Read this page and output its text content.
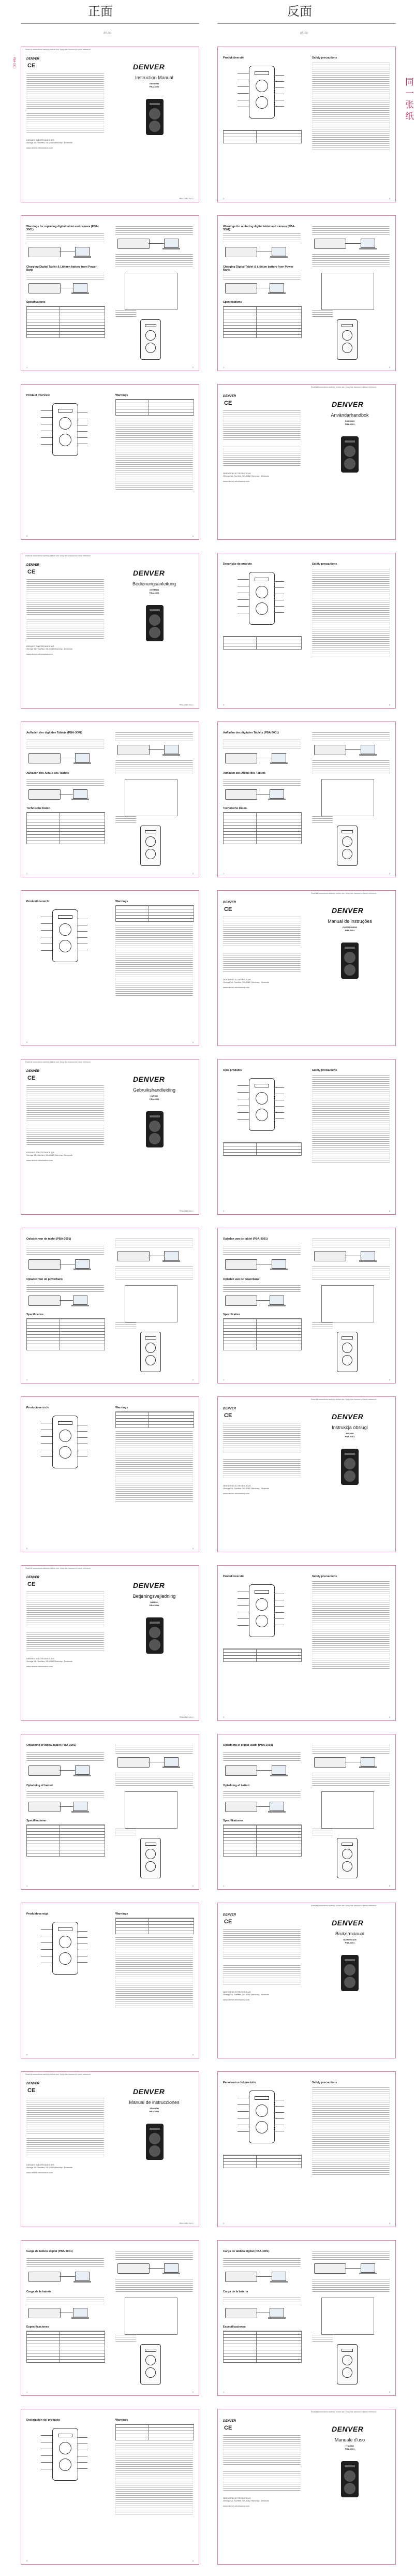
正面	反面
85.00	85.00
同
一
张
纸
PBA-3001
Read all instructions carefully before use. Keep this manual for future reference.
DENVER
Instruction Manual
ENGLISH
PBA-3001
DENVER
CE
DENVER ELECTRONICS A/S
Omega 5A, Soeften, DK-8382 Hinnerup, Denmark
www.denver-electronics.com
PBA-3001 84-1
Warnings for replacing digital tablet and camera (PBA-3001)
Charging Digital Tablet & Lithium battery from Power Bank
Specifications
1	2
Product overview	Warnings
3	4
Read all instructions carefully before use. Keep this manual for future reference.
DENVER
Bedienungsanleitung
GERMAN
PBA-3001
DENVER
CE
DENVER ELECTRONICS A/S
Omega 5A, Soeften, DK-8382 Hinnerup, Denmark
www.denver-electronics.com
PBA-3001 84-1
Aufladen des digitalen Tablets (PBA-3001)
Aufladen des Akkus des Tablets
Technische Daten
1	2
Produktübersicht	Warnings
3	4
Read all instructions carefully before use. Keep this manual for future reference.
DENVER
Gebruikshandleiding
DUTCH
PBA-3001
DENVER
CE
DENVER ELECTRONICS A/S
Omega 5A, Soeften, DK-8382 Hinnerup, Denmark
www.denver-electronics.com
PBA-3001 84-1
Opladen van de tablet (PBA-3001)
Opladen van de powerbank
Specificaties
1	2
Productoverzicht	Warnings
3	4
Read all instructions carefully before use. Keep this manual for future reference.
DENVER
Betjeningsvejledning
DANISH
PBA-3001
DENVER
CE
DENVER ELECTRONICS A/S
Omega 5A, Soeften, DK-8382 Hinnerup, Denmark
www.denver-electronics.com
PBA-3001 84-1
Opladning af digital tablet (PBA-3001)
Opladning af batteri
Specifikationer
1	2
Produktoversigt	Warnings
3	4
Read all instructions carefully before use. Keep this manual for future reference.
DENVER
Manual de instrucciones
SPANISH
PBA-3001
DENVER
CE
DENVER ELECTRONICS A/S
Omega 5A, Soeften, DK-8382 Hinnerup, Denmark
www.denver-electronics.com
PBA-3001 84-1
Carga de tableta digital (PBA-3001)
Carga de la batería
Especificaciones
1	2
Descripción del producto	Warnings
3	4
Produktöversikt	Safety precautions
3	4
Warnings for replacing digital tablet and camera (PBA-3001)
Charging Digital Tablet & Lithium battery from Power Bank
Specifications
1	2
Read all instructions carefully before use. Keep this manual for future reference.
DENVER
Användarhandbok
SWEDISH
PBA-3001
DENVER
CE
DENVER ELECTRONICS A/S
Omega 5A, Soeften, DK-8382 Hinnerup, Denmark
www.denver-electronics.com
Descrição do produto	Safety precautions
3	4
Aufladen des digitalen Tablets (PBA-3001)
Aufladen des Akkus des Tablets
Technische Daten
1	2
Read all instructions carefully before use. Keep this manual for future reference.
DENVER
Manual de instruções
PORTUGUESE
PBA-3001
DENVER
CE
DENVER ELECTRONICS A/S
Omega 5A, Soeften, DK-8382 Hinnerup, Denmark
www.denver-electronics.com
Opis produktu	Safety precautions
3	4
Opladen van de tablet (PBA-3001)
Opladen van de powerbank
Specificaties
1	2
Read all instructions carefully before use. Keep this manual for future reference.
DENVER
Instrukcja obsługi
POLISH
PBA-3001
DENVER
CE
DENVER ELECTRONICS A/S
Omega 5A, Soeften, DK-8382 Hinnerup, Denmark
www.denver-electronics.com
Produktoversikt	Safety precautions
3	4
Opladning af digital tablet (PBA-3001)
Opladning af batteri
Specifikationer
1	2
Read all instructions carefully before use. Keep this manual for future reference.
DENVER
Brukermanual
NORWEGIAN
PBA-3001
DENVER
CE
DENVER ELECTRONICS A/S
Omega 5A, Soeften, DK-8382 Hinnerup, Denmark
www.denver-electronics.com
Panoramica del prodotto	Safety precautions
3	4
Carga de tableta digital (PBA-3001)
Carga de la batería
Especificaciones
1	2
Read all instructions carefully before use. Keep this manual for future reference.
DENVER
Manuale d'uso
ITALIAN
PBA-3001
DENVER
CE
DENVER ELECTRONICS A/S
Omega 5A, Soeften, DK-8382 Hinnerup, Denmark
www.denver-electronics.com
